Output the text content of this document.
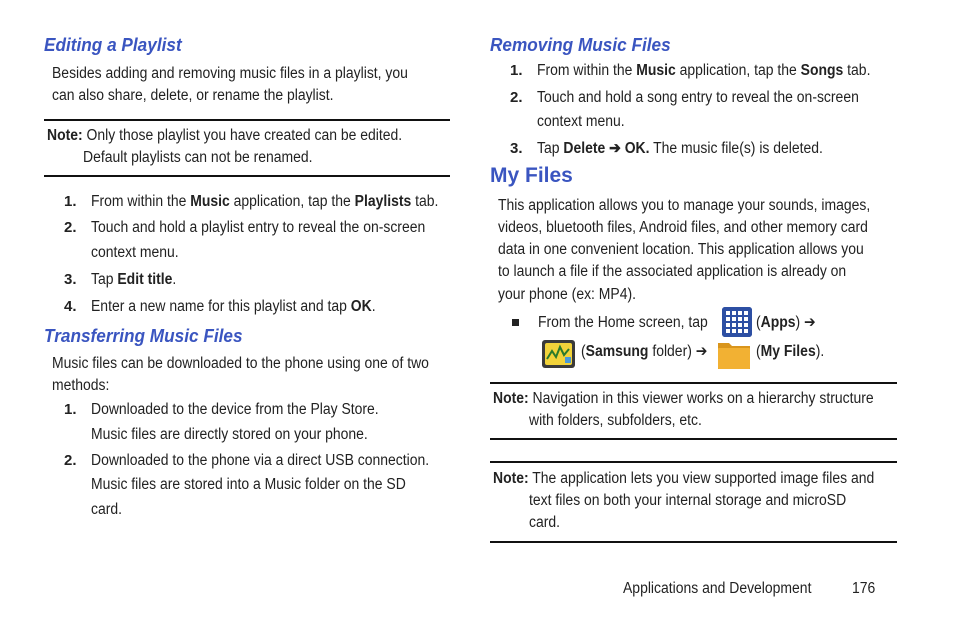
Editing a Playlist
Besides adding and removing music files in a playlist, you
can also share, delete, or rename the playlist.
Note: Only those playlist you have created can be edited.
Default playlists can not be renamed.
1. From within the Music application, tap the Playlists tab.
2. Touch and hold a playlist entry to reveal the on-screen
context menu.
3. Tap Edit title.
4. Enter a new name for this playlist and tap OK.
Transferring Music Files
Music files can be downloaded to the phone using one of two
methods:
1. Downloaded to the device from the Play Store.
Music files are directly stored on your phone.
2. Downloaded to the phone via a direct USB connection.
Music files are stored into a Music folder on the SD
card.
Removing Music Files
1. From within the Music application, tap the Songs tab.
2. Touch and hold a song entry to reveal the on-screen
context menu.
3. Tap Delete ➔ OK. The music file(s) is deleted.
My Files
This application allows you to manage your sounds, images,
videos, bluetooth files, Android files, and other memory card
data in one convenient location. This application allows you
to launch a file if the associated application is already on
your phone (ex: MP4).
From the Home screen, tap	(Apps) ➔
(Samsung folder) ➔	(My Files).
Note: Navigation in this viewer works on a hierarchy structure
with folders, subfolders, etc.
Note: The application lets you view supported image files and
text files on both your internal storage and microSD
card.
Applications and Development	176
